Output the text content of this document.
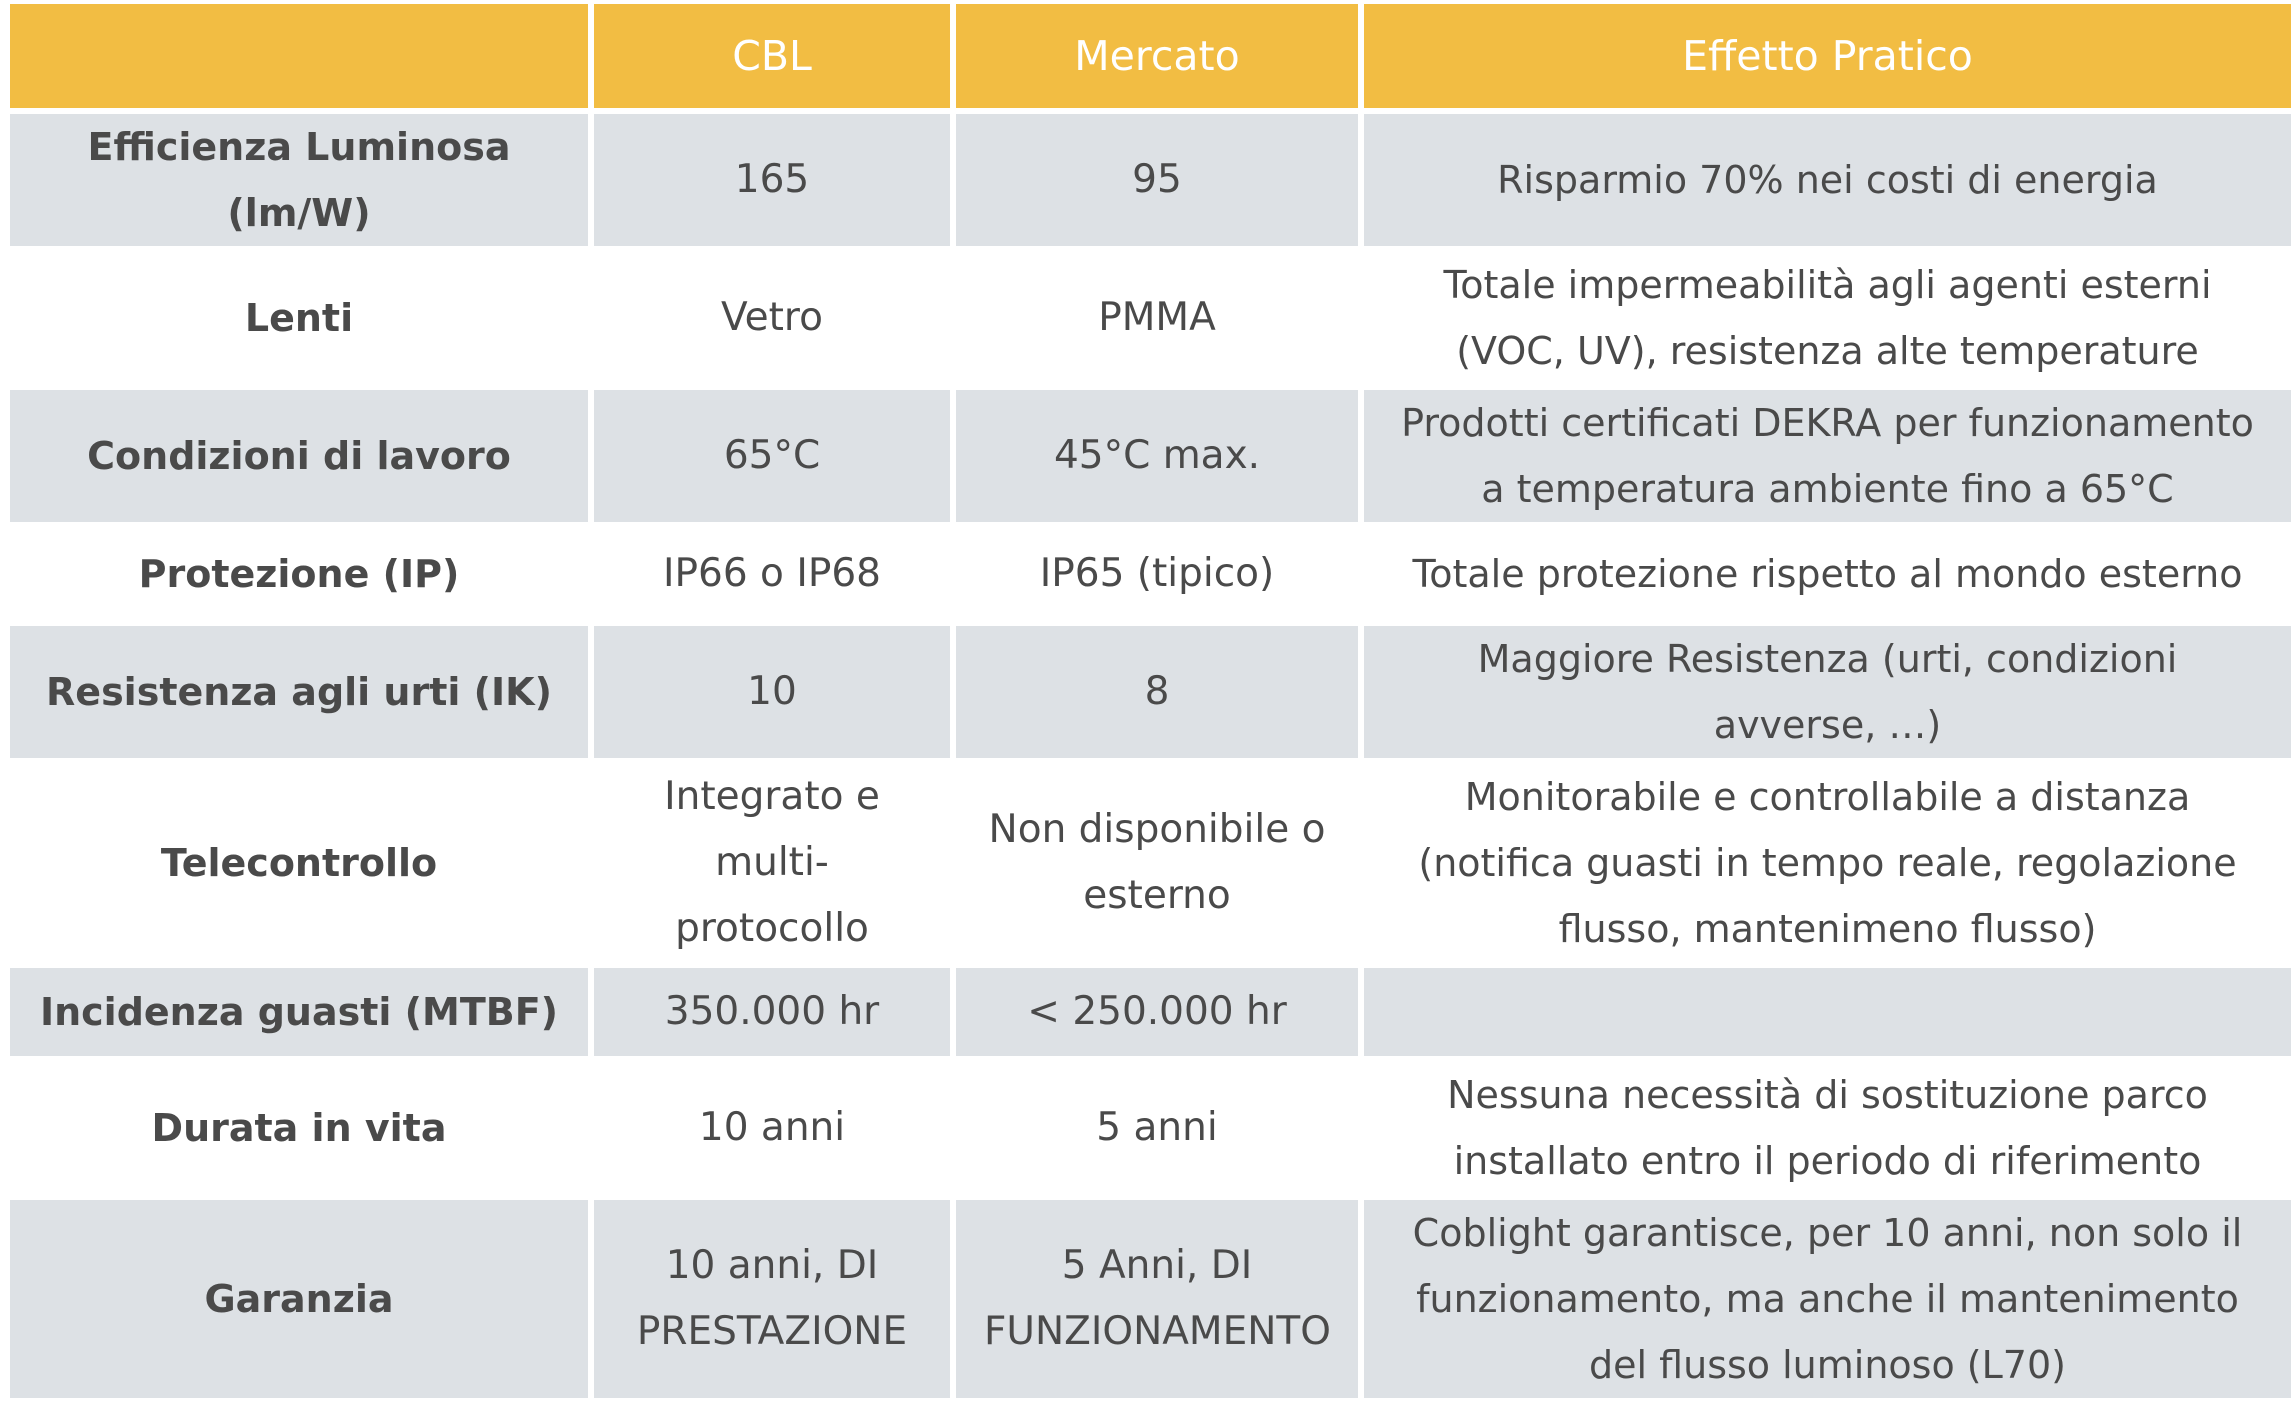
	CBL	Mercato	Effetto Pratico
Efficienza Luminosa (lm/W)	165	95	Risparmio 70% nei costi di energia
Lenti	Vetro	PMMA	Totale impermeabilità agli agenti esterni (VOC, UV), resistenza alte temperature
Condizioni di lavoro	65°C	45°C max.	Prodotti certificati DEKRA per funzionamento a temperatura ambiente fino a 65°C
Protezione (IP)	IP66 o IP68	IP65 (tipico)	Totale protezione rispetto al mondo esterno
Resistenza agli urti (IK)	10	8	Maggiore Resistenza (urti, condizioni avverse, …)
Telecontrollo	Integrato e multi-protocollo	Non disponibile o esterno	Monitorabile e controllabile a distanza (notifica guasti in tempo reale, regolazione flusso, mantenimeno flusso)
Incidenza guasti (MTBF)	350.000 hr	< 250.000 hr	
Durata in vita	10 anni	5 anni	Nessuna necessità di sostituzione parco installato entro il periodo di riferimento
Garanzia	10 anni, DI PRESTAZIONE	5 Anni, DI FUNZIONAMENTO	Coblight garantisce, per 10 anni, non solo il funzionamento, ma anche il mantenimento del flusso luminoso (L70)
